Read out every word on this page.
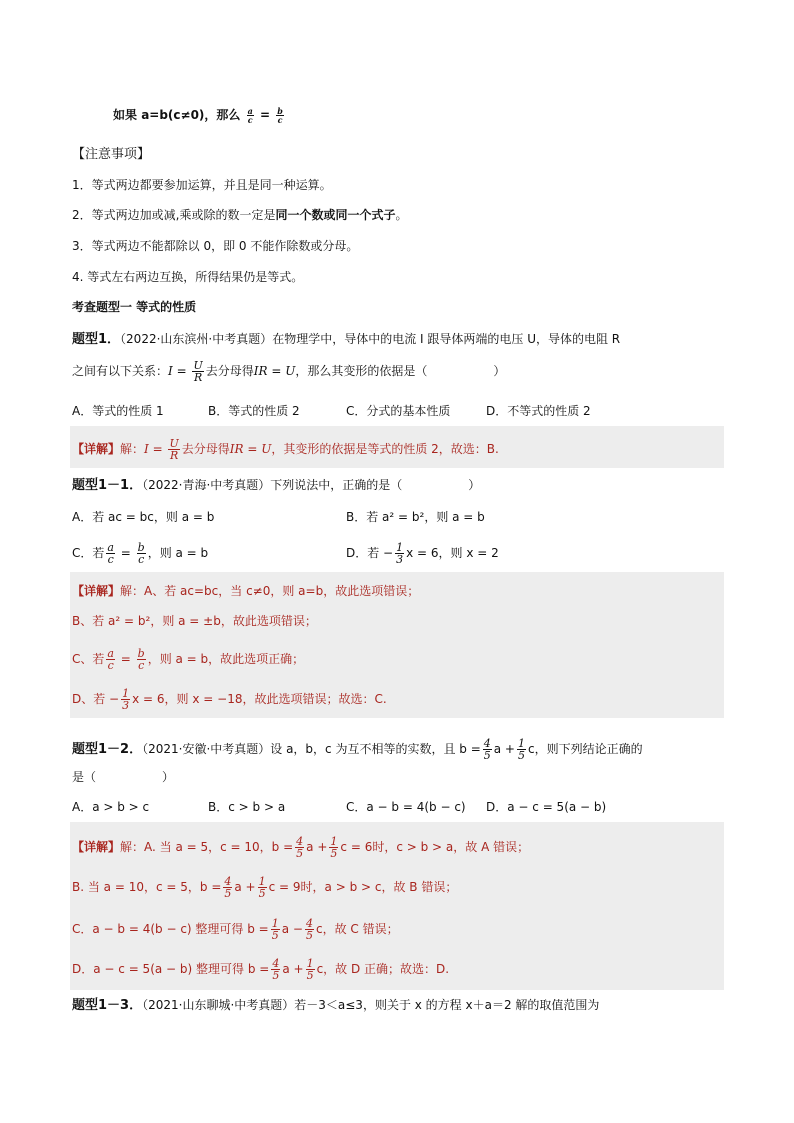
如果 a=b(c≠0)，那么 $\frac{a}{c} = \frac{b}{c}$
【注意事项】
1．等式两边都要参加运算，并且是同一种运算。
2．等式两边加或减,乘或除的数一定是同一个数或同一个式子。
3．等式两边不能都除以 0，即 0 不能作除数或分母。
4. 等式左右两边互换，所得结果仍是等式。
考查题型一 等式的性质
题型1．（2022·山东滨州·中考真题）在物理学中，导体中的电流 I 跟导体两端的电压 U，导体的电阻 R
之间有以下关系：$I = \frac{U}{R}$ 去分母得IR = U，那么其变形的依据是（	）
A．等式的性质 1	B．等式的性质 2	C．分式的基本性质	D．不等式的性质 2
【详解】解：$I = \frac{U}{R}$ 去分母得IR = U，其变形的依据是等式的性质 2，故选：B.
题型1－1．（2022·青海·中考真题）下列说法中，正确的是（	）
A．若 ac = bc，则 a = b	B．若 a² = b²，则 a = b
C．若 $\frac{a}{c} = \frac{b}{c}$ ，则 a = b	D．若 − $\frac{1}{3}$ x = 6，则 x = 2
【详解】解：A、若 ac=bc，当 c≠0，则 a=b，故此选项错误；
B、若 a² = b²，则 a = ±b，故此选项错误；
C、若 $\frac{a}{c} = \frac{b}{c}$ ，则 a = b，故此选项正确；
D、若 − $\frac{1}{3}$ x = 6，则 x = −18，故此选项错误；故选：C.
题型1－2．（2021·安徽·中考真题）设 a，b，c 为互不相等的实数，且 $b = \frac{4}{5}$ $a + \frac{1}{5}$ c，则下列结论正确的
是（	）
A．a > b > c	B．c > b > a	C．a − b = 4(b − c) D．a − c = 5(a − b)
【详解】解：A. 当 a = 5，c = 10，$b = \frac{4}{5}$ $a + \frac{1}{5}$ c = 6时，c > b > a，故 A 错误；
B. 当 a = 10，c = 5，$b = \frac{4}{5}$ $a + \frac{1}{5}$ c = 9时，a > b > c，故 B 错误；
C．a − b = 4(b − c) 整理可得 $b = \frac{1}{5}$ $a - \frac{4}{5}$ c，故 C 错误；
D．a − c = 5(a − b) 整理可得 $b = \frac{4}{5}$ $a + \frac{1}{5}$ c，故 D 正确；故选：D.
题型1－3．（2021·山东聊城·中考真题）若－3＜a≤3，则关于 x 的方程 x＋a＝2 解的取值范围为
